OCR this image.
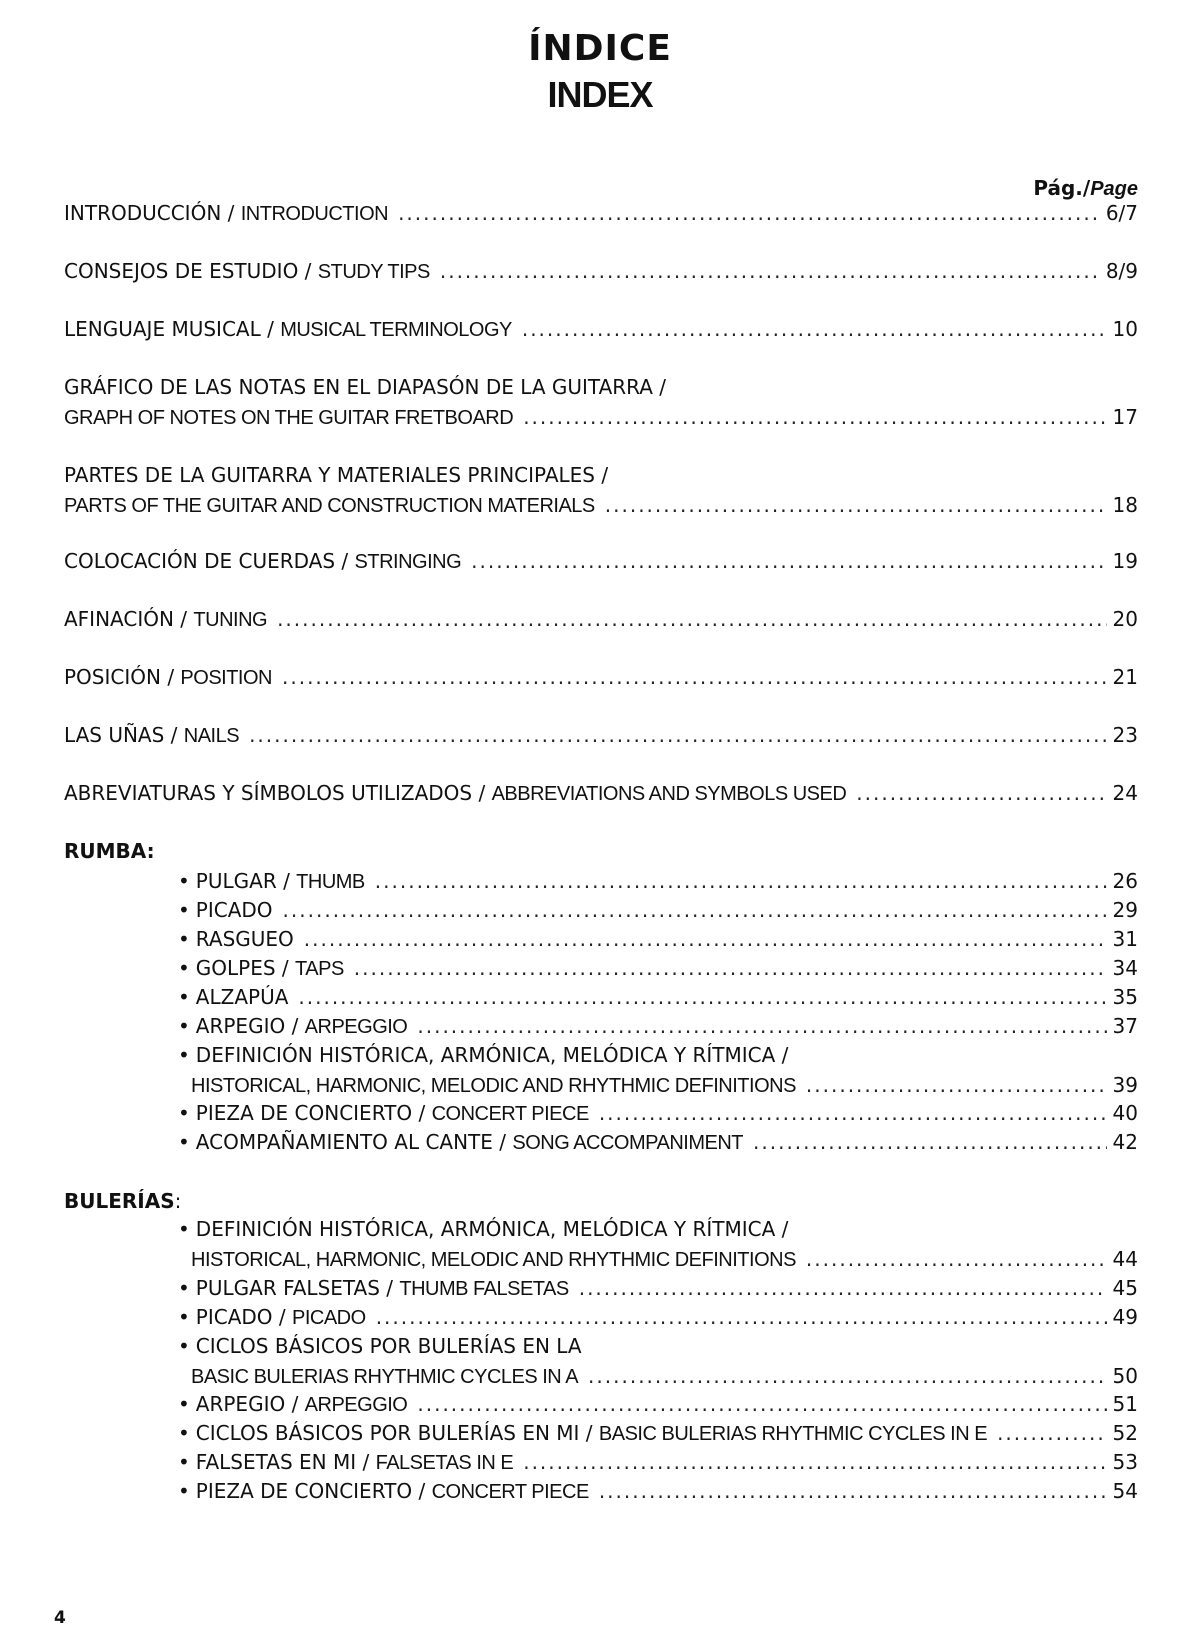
ÍNDICE
INDEX
Pág./Page
INTRODUCCIÓN / INTRODUCTION .....	6/7
CONSEJOS DE ESTUDIO / STUDY TIPS .....	8/9
LENGUAJE MUSICAL / MUSICAL TERMINOLOGY .....	10
GRÁFICO DE LAS NOTAS EN EL DIAPASÓN DE LA GUITARRA /
GRAPH OF NOTES ON THE GUITAR FRETBOARD .....	17
PARTES DE LA GUITARRA Y MATERIALES PRINCIPALES /
PARTS OF THE GUITAR AND CONSTRUCTION MATERIALS .....	18
COLOCACIÓN DE CUERDAS / STRINGING .....	19
AFINACIÓN / TUNING .....	20
POSICIÓN / POSITION .....	21
LAS UÑAS / NAILS .....	23
ABREVIATURAS Y SÍMBOLOS UTILIZADOS / ABBREVIATIONS AND SYMBOLS USED .....	24
RUMBA:
• PULGAR / THUMB .....	26
• PICADO .....	29
• RASGUEO .....	31
• GOLPES / TAPS .....	34
• ALZAPÚA .....	35
• ARPEGIO / ARPEGGIO .....	37
• DEFINICIÓN HISTÓRICA, ARMÓNICA, MELÓDICA Y RÍTMICA /
HISTORICAL, HARMONIC, MELODIC AND RHYTHMIC DEFINITIONS .....	39
• PIEZA DE CONCIERTO / CONCERT PIECE .....	40
• ACOMPAÑAMIENTO AL CANTE / SONG ACCOMPANIMENT .....	42
BULERÍAS:
• DEFINICIÓN HISTÓRICA, ARMÓNICA, MELÓDICA Y RÍTMICA /
HISTORICAL, HARMONIC, MELODIC AND RHYTHMIC DEFINITIONS .....	44
• PULGAR FALSETAS / THUMB FALSETAS .....	45
• PICADO / PICADO .....	49
• CICLOS BÁSICOS POR BULERÍAS EN LA
BASIC BULERIAS RHYTHMIC CYCLES IN A .....	50
• ARPEGIO / ARPEGGIO .....	51
• CICLOS BÁSICOS POR BULERÍAS EN MI / BASIC BULERIAS RHYTHMIC CYCLES IN E .....	52
• FALSETAS EN MI / FALSETAS IN E .....	53
• PIEZA DE CONCIERTO / CONCERT PIECE .....	54
4
